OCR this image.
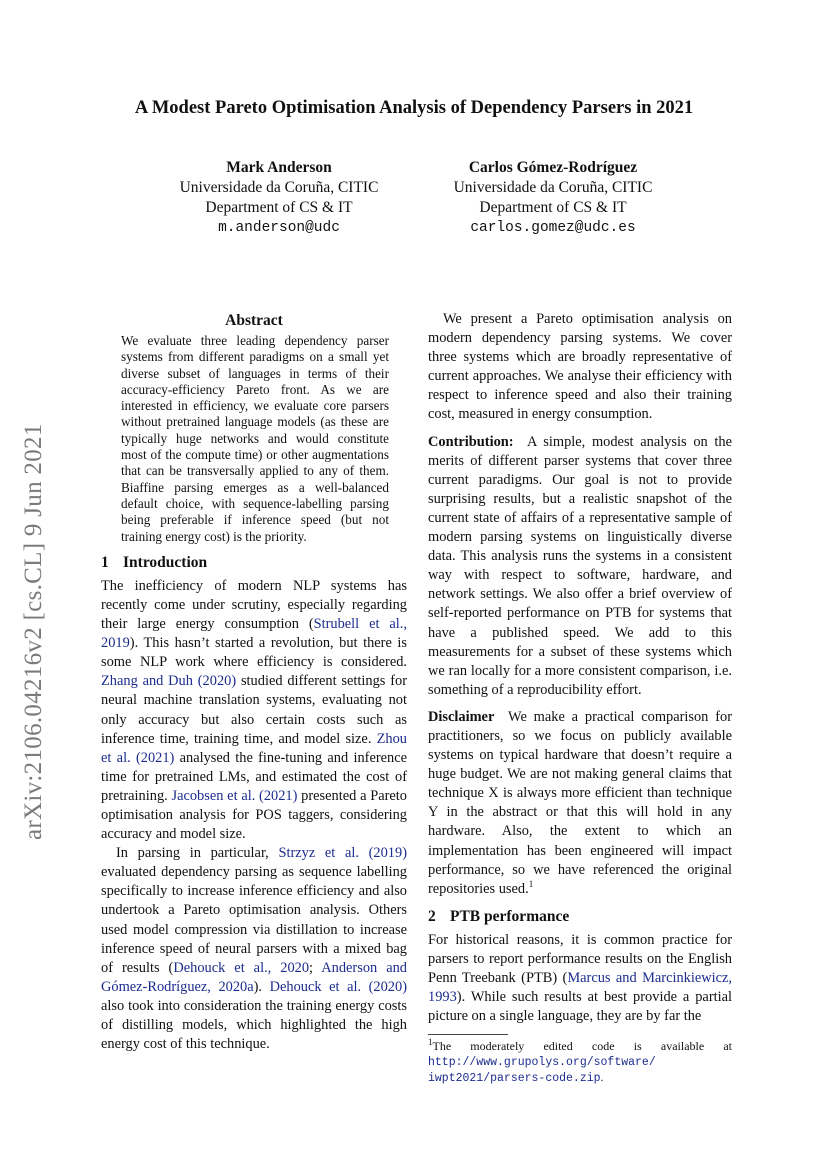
A Modest Pareto Optimisation Analysis of Dependency Parsers in 2021
Mark Anderson
Universidade da Coruña, CITIC
Department of CS & IT
m.anderson@udc
Carlos Gómez-Rodríguez
Universidade da Coruña, CITIC
Department of CS & IT
carlos.gomez@udc.es
arXiv:2106.04216v2 [cs.CL] 9 Jun 2021
Abstract
We evaluate three leading dependency parser systems from different paradigms on a small yet diverse subset of languages in terms of their accuracy-efficiency Pareto front. As we are interested in efficiency, we evaluate core parsers without pretrained language models (as these are typically huge networks and would constitute most of the compute time) or other augmentations that can be transversally applied to any of them. Biaffine parsing emerges as a well-balanced default choice, with sequence-labelling parsing being preferable if inference speed (but not training energy cost) is the priority.
1 Introduction

The inefficiency of modern NLP systems has recently come under scrutiny, especially regarding their large energy consumption (Strubell et al., 2019). This hasn’t started a revolution, but there is some NLP work where efficiency is considered. Zhang and Duh (2020) studied different settings for neural machine translation systems, evaluating not only accuracy but also certain costs such as inference time, training time, and model size. Zhou et al. (2021) analysed the fine-tuning and inference time for pretrained LMs, and estimated the cost of pretraining. Jacobsen et al. (2021) presented a Pareto optimisation analysis for POS taggers, considering accuracy and model size.

In parsing in particular, Strzyz et al. (2019) evaluated dependency parsing as sequence labelling specifically to increase inference efficiency and also undertook a Pareto optimisation analysis. Others used model compression via distillation to increase inference speed of neural parsers with a mixed bag of results (Dehouck et al., 2020; Anderson and Gómez-Rodríguez, 2020a). Dehouck et al. (2020) also took into consideration the training energy costs of distilling models, which highlighted the high energy cost of this technique.

We present a Pareto optimisation analysis on modern dependency parsing systems. We cover three systems which are broadly representative of current approaches. We analyse their efficiency with respect to inference speed and also their training cost, measured in energy consumption.

Contribution: A simple, modest analysis on the merits of different parser systems that cover three current paradigms. Our goal is not to provide surprising results, but a realistic snapshot of the current state of affairs of a representative sample of modern parsing systems on linguistically diverse data. This analysis runs the systems in a consistent way with respect to software, hardware, and network settings. We also offer a brief overview of self-reported performance on PTB for systems that have a published speed. We add to this measurements for a subset of these systems which we ran locally for a more consistent comparison, i.e. something of a reproducibility effort.

Disclaimer We make a practical comparison for practitioners, so we focus on publicly available systems on typical hardware that doesn’t require a huge budget. We are not making general claims that technique X is always more efficient than technique Y in the abstract or that this will hold in any hardware. Also, the extent to which an implementation has been engineered will impact performance, so we have referenced the original repositories used.$^1$

2 PTB performance

For historical reasons, it is common practice for parsers to report performance results on the English Penn Treebank (PTB) (Marcus and Marcinkiewicz, 1993). While such results at best provide a partial picture on a single language, they are by far the

$^1$The moderately edited code is available at http://www.grupolys.org/software/ iwpt2021/parsers-code.zip.
